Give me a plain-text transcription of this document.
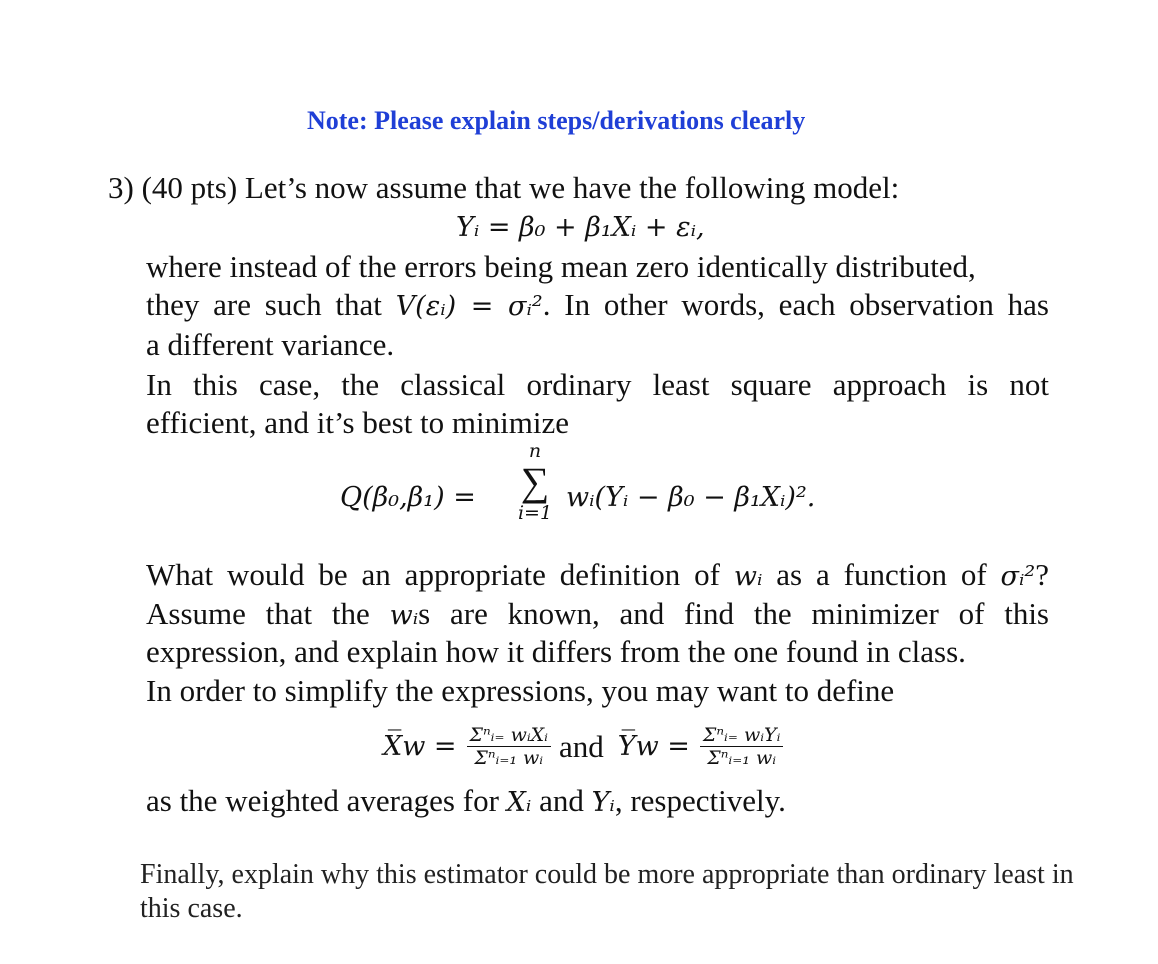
Note: Please explain steps/derivations clearly
3) (40 pts) Let’s now assume that we have the following model:
Yᵢ = β₀ + β₁Xᵢ + εᵢ,
where instead of the errors being mean zero identically distributed,
they are such that V(εᵢ) = σᵢ². In other words, each observation has
a different variance.
In this case, the classical ordinary least square approach is not
efficient, and it’s best to minimize
Q(β₀,β₁) =
n
∑
i=1 wᵢ(Yᵢ − β₀ − β₁Xᵢ)².
What would be an appropriate definition of wᵢ as a function of σᵢ²?
Assume that the wᵢs are known, and find the minimizer of this
expression, and explain how it differs from the one found in class.
In order to simplify the expressions, you may want to define
X̅w = $\frac{\text{Σⁿᵢ₌ wᵢXᵢ}}{\text{Σⁿᵢ₌₁ wᵢ}}$ and Y̅w = $\frac{\text{Σⁿᵢ₌ wᵢYᵢ}}{\text{Σⁿᵢ₌₁ wᵢ}}$
as the weighted averages for Xᵢ and Yᵢ, respectively.
Finally, explain why this estimator could be more appropriate than ordinary least in this case.
